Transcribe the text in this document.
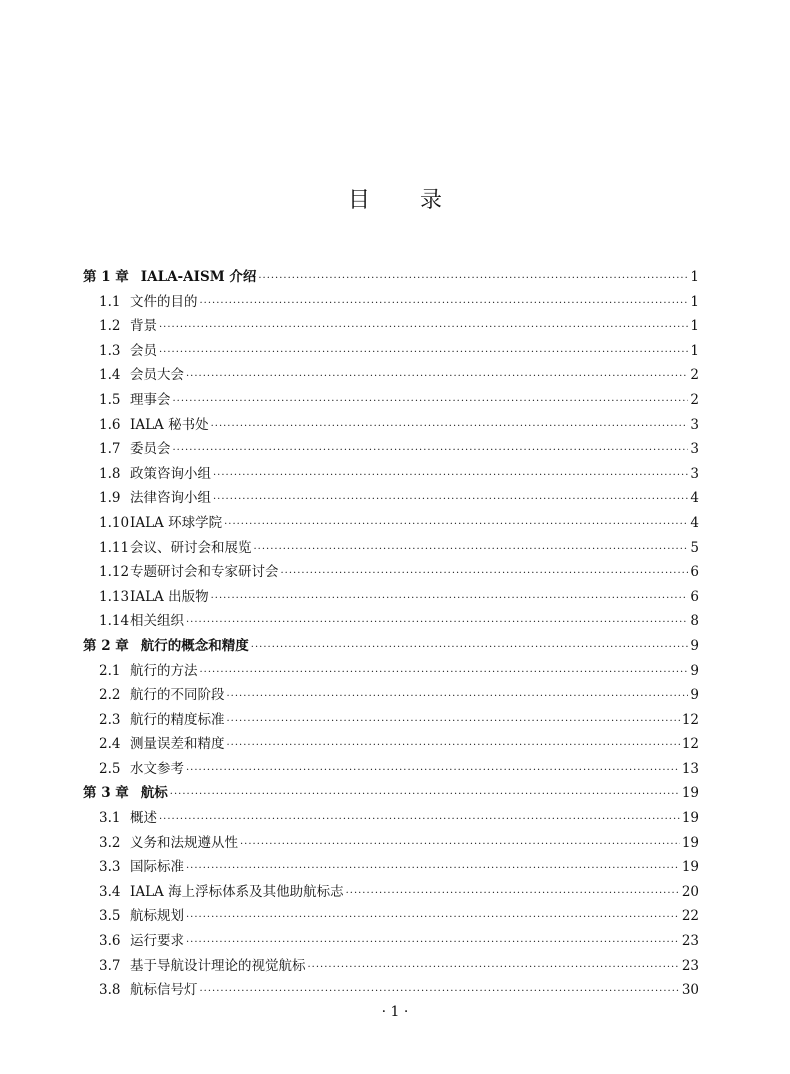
目 录
第 1 章 IALA-AISM 介绍 ·····	1
1.1 文件的目的 ·····	1
1.2 背景 ·····	1
1.3 会员 ·····	1
1.4 会员大会 ·····	2
1.5 理事会 ·····	2
1.6 IALA 秘书处 ·····	3
1.7 委员会 ·····	3
1.8 政策咨询小组 ·····	3
1.9 法律咨询小组 ·····	4
1.10 IALA 环球学院 ·····	4
1.11 会议、研讨会和展览 ·····	5
1.12 专题研讨会和专家研讨会 ·····	6
1.13 IALA 出版物 ·····	6
1.14 相关组织 ·····	8
第 2 章 航行的概念和精度 ·····	9
2.1 航行的方法 ·····	9
2.2 航行的不同阶段 ·····	9
2.3 航行的精度标准 ·····	12
2.4 测量误差和精度 ·····	12
2.5 水文参考 ·····	13
第 3 章 航标 ·····	19
3.1 概述 ·····	19
3.2 义务和法规遵从性 ·····	19
3.3 国际标准 ·····	19
3.4 IALA 海上浮标体系及其他助航标志 ·····	20
3.5 航标规划 ·····	22
3.6 运行要求 ·····	23
3.7 基于导航设计理论的视觉航标 ·····	23
3.8 航标信号灯 ·····	30
· 1 ·
